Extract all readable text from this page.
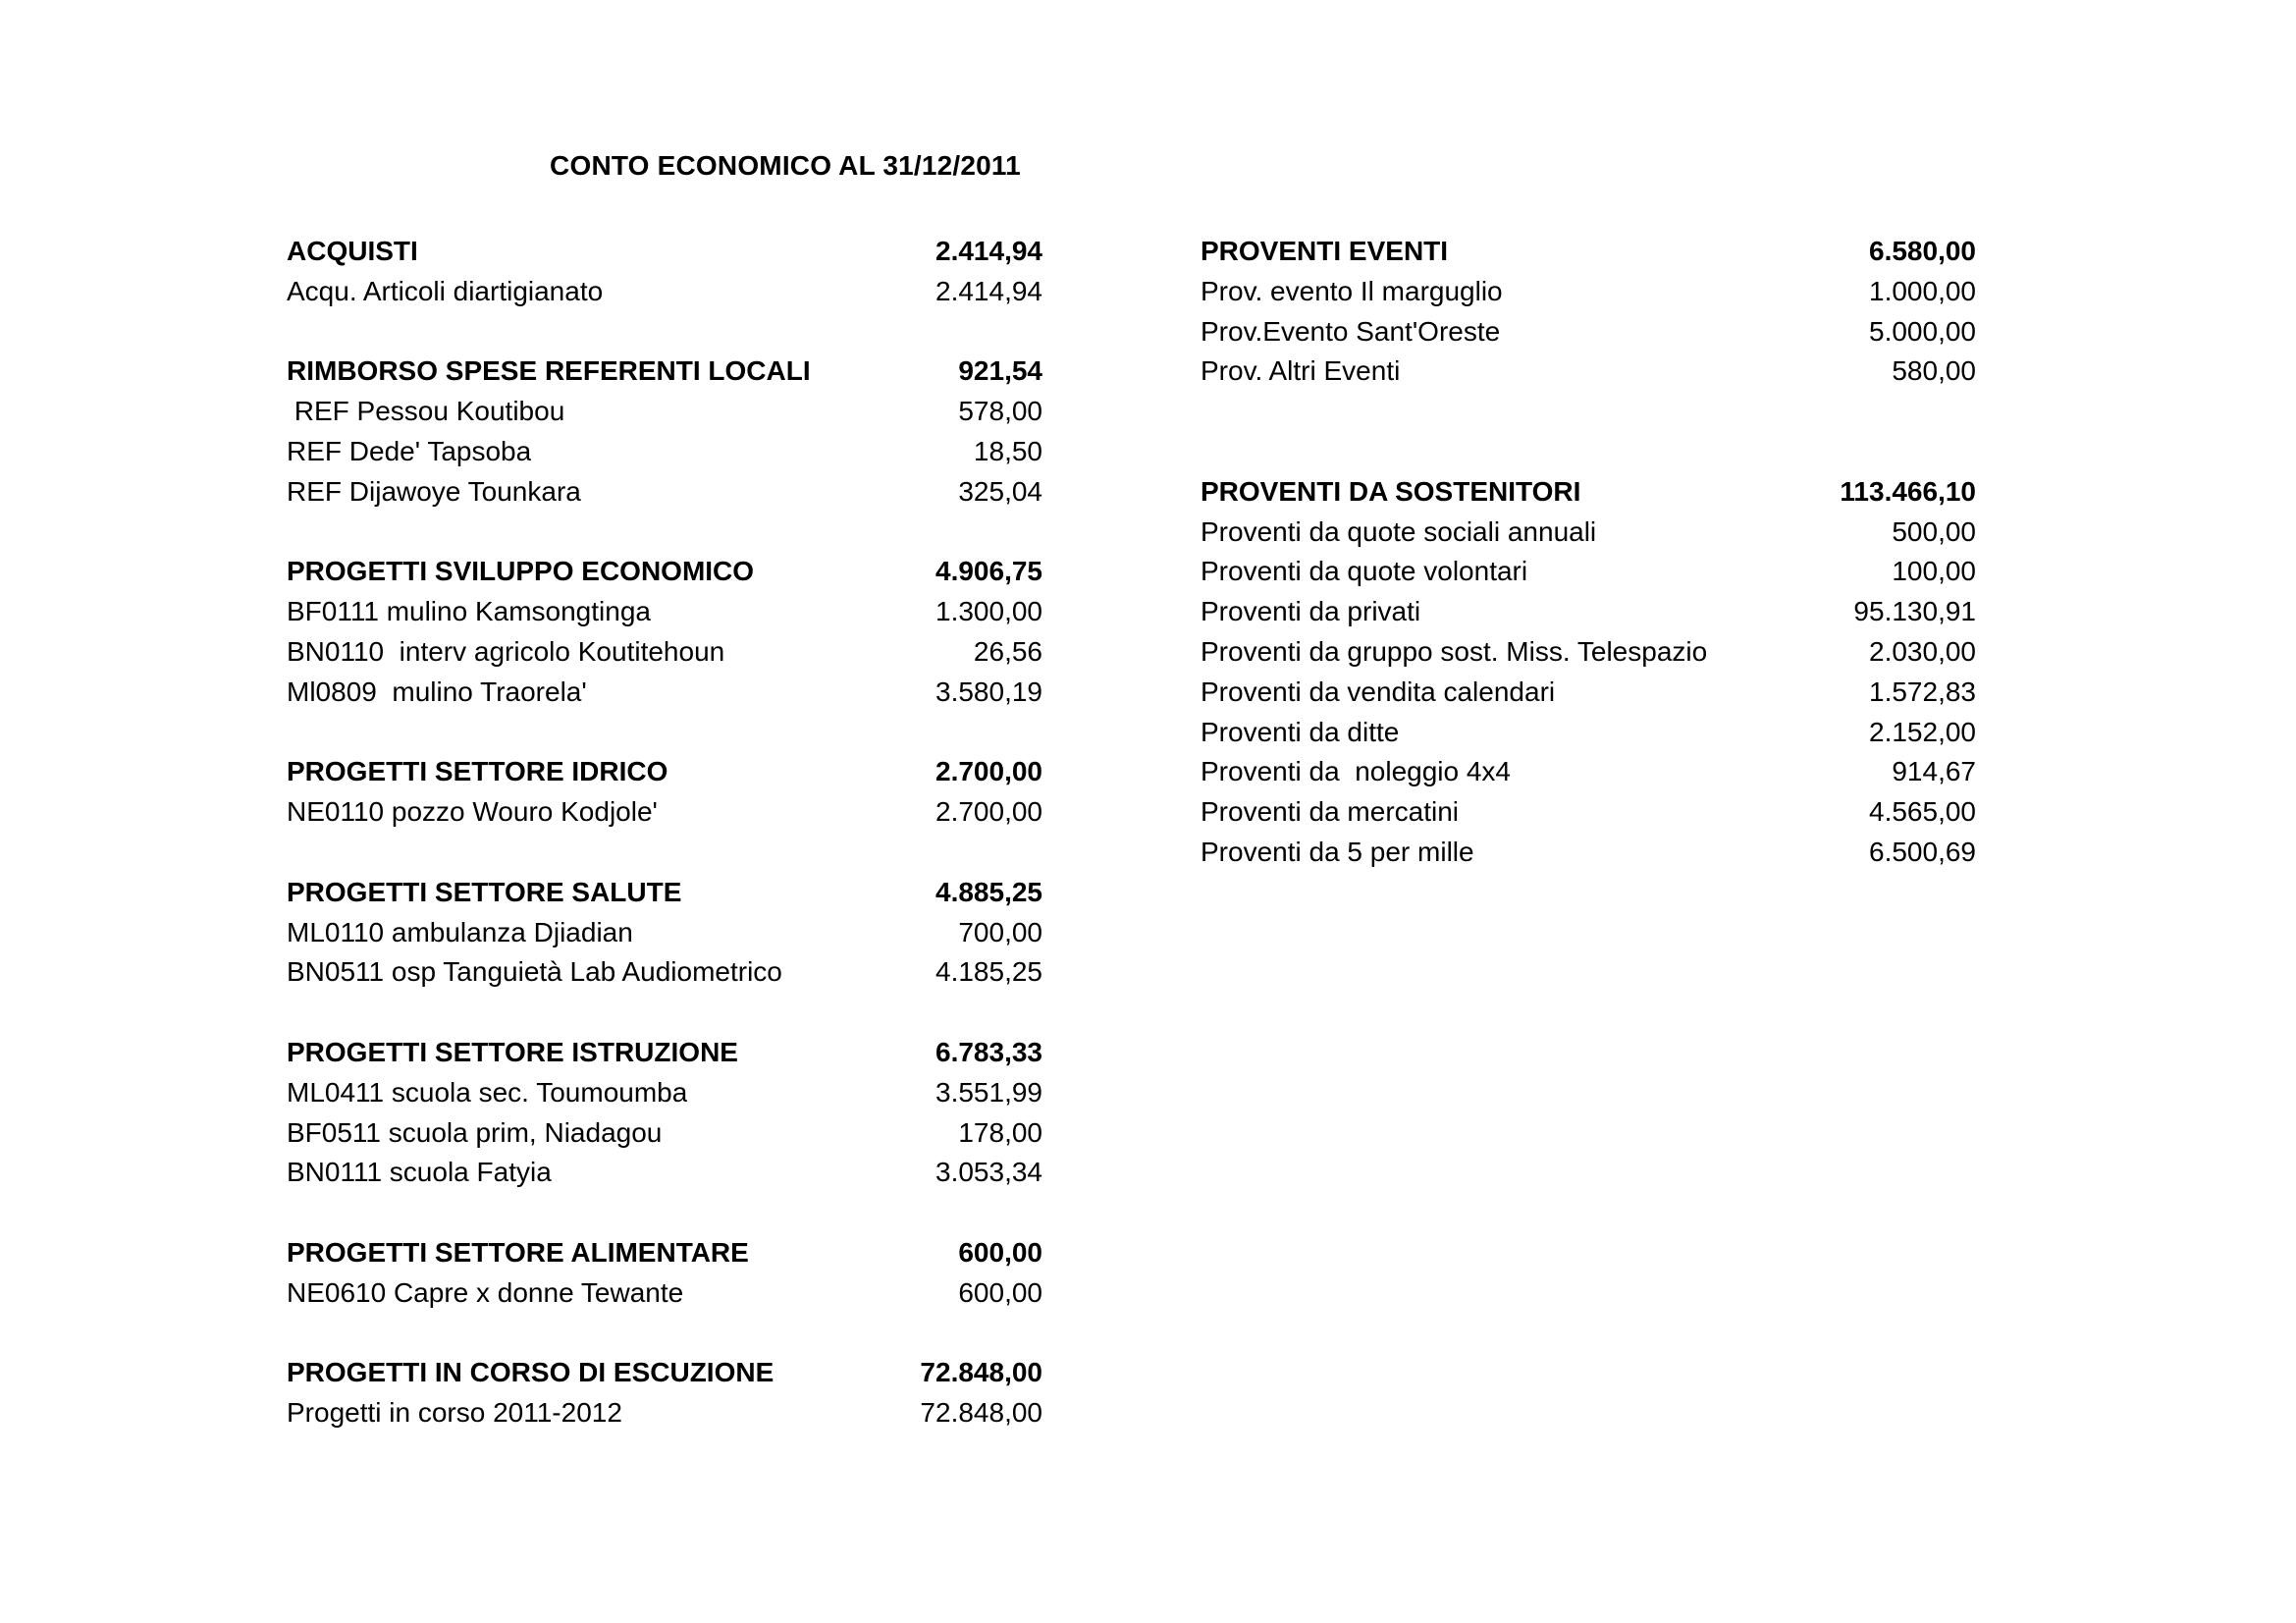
CONTO ECONOMICO AL 31/12/2011
ACQUISTI	2.414,94
Acqu. Articoli diartigianato	2.414,94
RIMBORSO SPESE REFERENTI LOCALI	921,54
REF Pessou Koutibou	578,00
REF Dede' Tapsoba	18,50
REF Dijawoye Tounkara	325,04
PROGETTI SVILUPPO ECONOMICO	4.906,75
BF0111 mulino Kamsongtinga	1.300,00
BN0110  interv agricolo Koutitehoun	26,56
Ml0809  mulino Traorela'	3.580,19
PROGETTI SETTORE IDRICO	2.700,00
NE0110 pozzo Wouro Kodjole'	2.700,00
PROGETTI SETTORE SALUTE	4.885,25
ML0110 ambulanza Djiadian	700,00
BN0511 osp Tanguietà Lab Audiometrico	4.185,25
PROGETTI SETTORE ISTRUZIONE	6.783,33
ML0411 scuola sec. Toumoumba	3.551,99
BF0511 scuola prim, Niadagou	178,00
BN0111 scuola Fatyia	3.053,34
PROGETTI SETTORE ALIMENTARE	600,00
NE0610 Capre x donne Tewante	600,00
PROGETTI IN CORSO DI ESCUZIONE	72.848,00
Progetti in corso 2011-2012	72.848,00
PROVENTI EVENTI	6.580,00
Prov. evento Il marguglio	1.000,00
Prov.Evento Sant'Oreste	5.000,00
Prov. Altri Eventi	580,00
PROVENTI DA SOSTENITORI	113.466,10
Proventi da quote sociali annuali	500,00
Proventi da quote volontari	100,00
Proventi da privati	95.130,91
Proventi da gruppo sost. Miss. Telespazio	2.030,00
Proventi da vendita calendari	1.572,83
Proventi da ditte	2.152,00
Proventi da  noleggio 4x4	914,67
Proventi da mercatini	4.565,00
Proventi da 5 per mille	6.500,69
